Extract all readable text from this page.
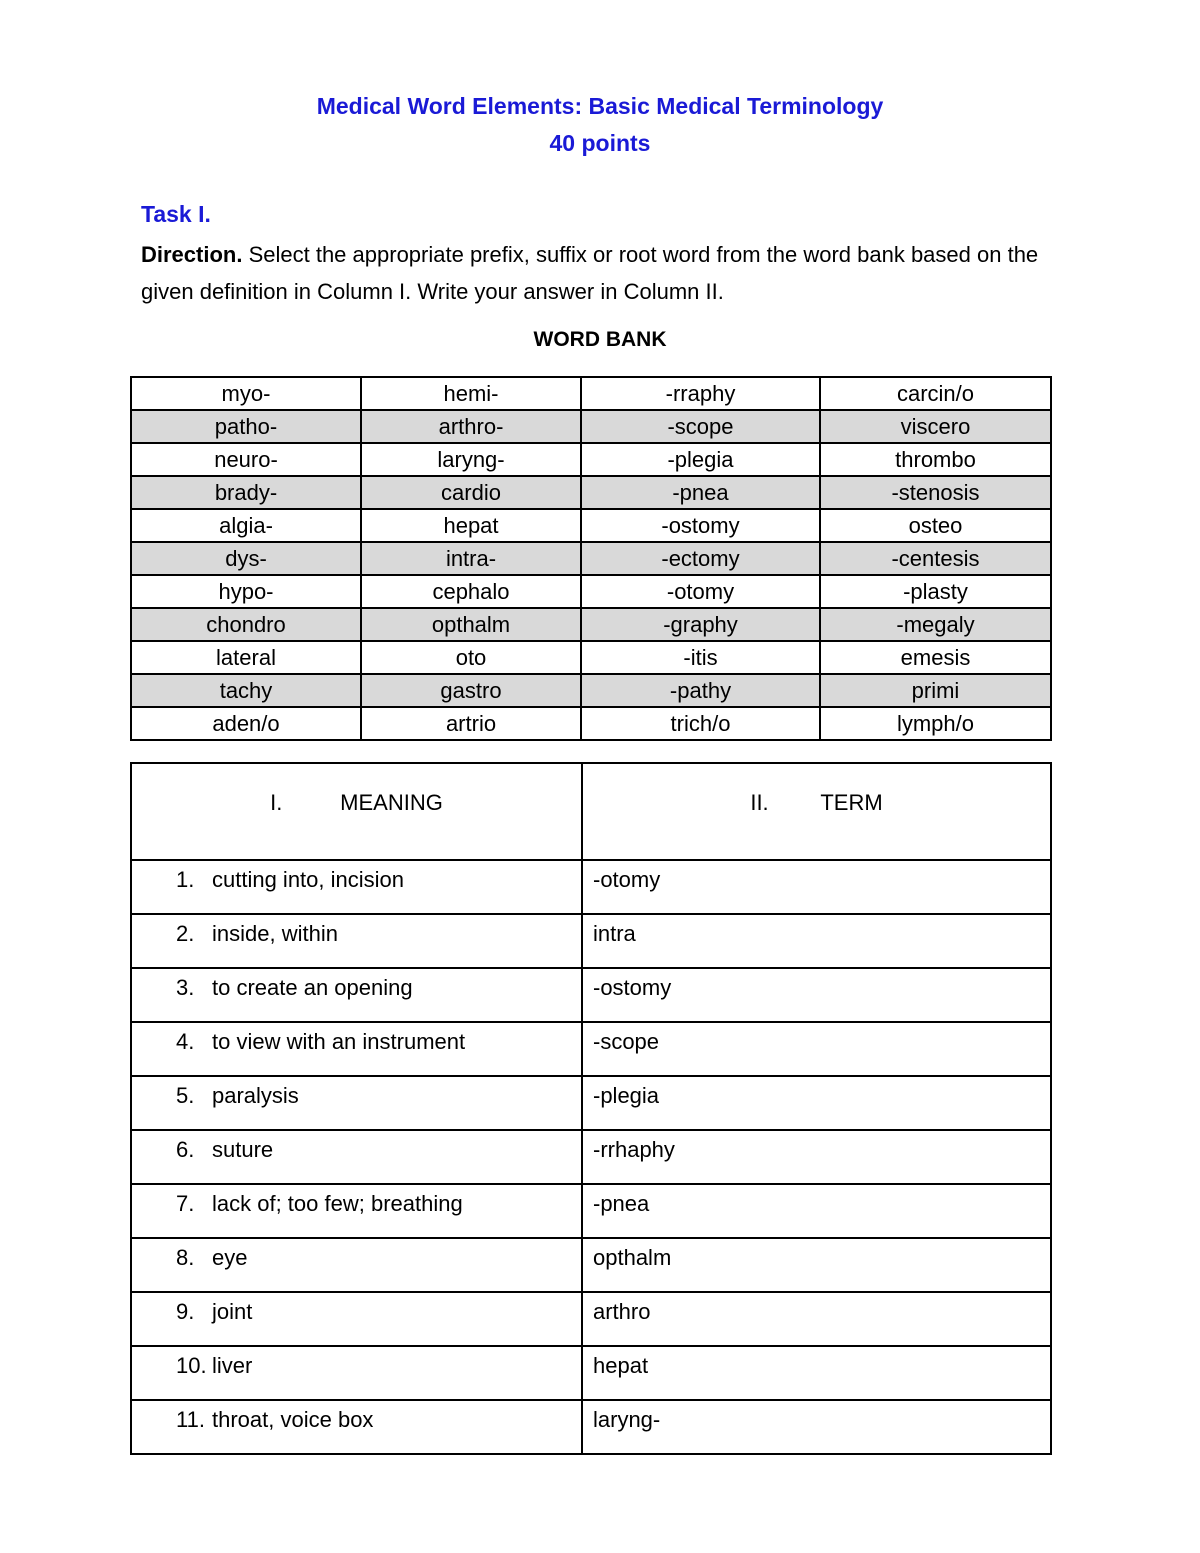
Medical Word Elements: Basic Medical Terminology
40 points
Task I.
Direction. Select the appropriate prefix, suffix or root word from the word bank based on the given definition in Column I. Write your answer in Column II.
WORD BANK
myo-	hemi-	-rraphy	carcin/o
patho-	arthro-	-scope	viscero
neuro-	laryng-	-plegia	thrombo
brady-	cardio	-pnea	-stenosis
algia-	hepat	-ostomy	osteo
dys-	intra-	-ectomy	-centesis
hypo-	cephalo	-otomy	-plasty
chondro	opthalm	-graphy	-megaly
lateral	oto	-itis	emesis
tachy	gastro	-pathy	primi
aden/o	artrio	trich/o	lymph/o
I. MEANING	II. TERM
1. cutting into, incision	-otomy
2. inside, within	intra
3. to create an opening	-ostomy
4. to view with an instrument	-scope
5. paralysis	-plegia
6. suture	-rrhaphy
7. lack of; too few; breathing	-pnea
8. eye	opthalm
9. joint	arthro
10. liver	hepat
11. throat, voice box	laryng-
